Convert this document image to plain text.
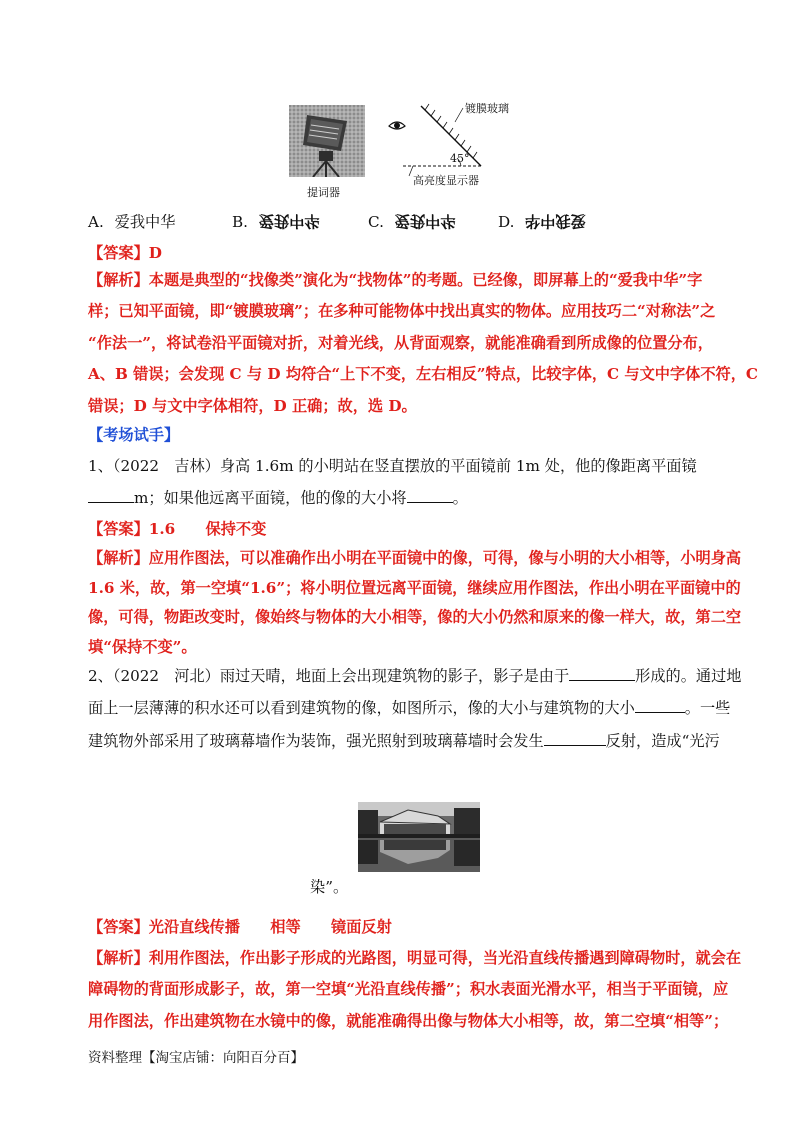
提词器
镀膜玻璃
45°
高亮度显示器
A. 爱我中华	B. 爱我中华	C. 爱我中华	D. 爱我中华
【答案】D
【解析】本题是典型的“找像类”演化为“找物体”的考题。已经像，即屏幕上的“爱我中华”字
样；已知平面镜，即“镀膜玻璃”；在多种可能物体中找出真实的物体。应用技巧二“对称法”之
“作法一”，将试卷沿平面镜对折，对着光线，从背面观察，就能准确看到所成像的位置分布，
A、B 错误；会发现 C 与 D 均符合“上下不变，左右相反”特点，比较字体，C 与文中字体不符，C
错误；D 与文中字体相符，D 正确；故，选 D。
【考场试手】
1、（2022　吉林）身高 1.6m 的小明站在竖直摆放的平面镜前 1m 处，他的像距离平面镜
m；如果他远离平面镜，他的像的大小将	。
【答案】1.6　　保持不变
【解析】应用作图法，可以准确作出小明在平面镜中的像，可得，像与小明的大小相等，小明身高
1.6 米，故，第一空填“1.6”；将小明位置远离平面镜，继续应用作图法，作出小明在平面镜中的
像，可得，物距改变时，像始终与物体的大小相等，像的大小仍然和原来的像一样大，故，第二空
填“保持不变”。
2、（2022　河北）雨过天晴，地面上会出现建筑物的影子，影子是由于	形成的。通过地
面上一层薄薄的积水还可以看到建筑物的像，如图所示，像的大小与建筑物的大小	。一些
建筑物外部采用了玻璃幕墙作为装饰，强光照射到玻璃幕墙时会发生	反射，造成“光污
染”。
【答案】光沿直线传播　　相等　　镜面反射
【解析】利用作图法，作出影子形成的光路图，明显可得，当光沿直线传播遇到障碍物时，就会在
障碍物的背面形成影子，故，第一空填“光沿直线传播”；积水表面光滑水平，相当于平面镜，应
用作图法，作出建筑物在水镜中的像，就能准确得出像与物体大小相等，故，第二空填“相等”；
资料整理【淘宝店铺：向阳百分百】
